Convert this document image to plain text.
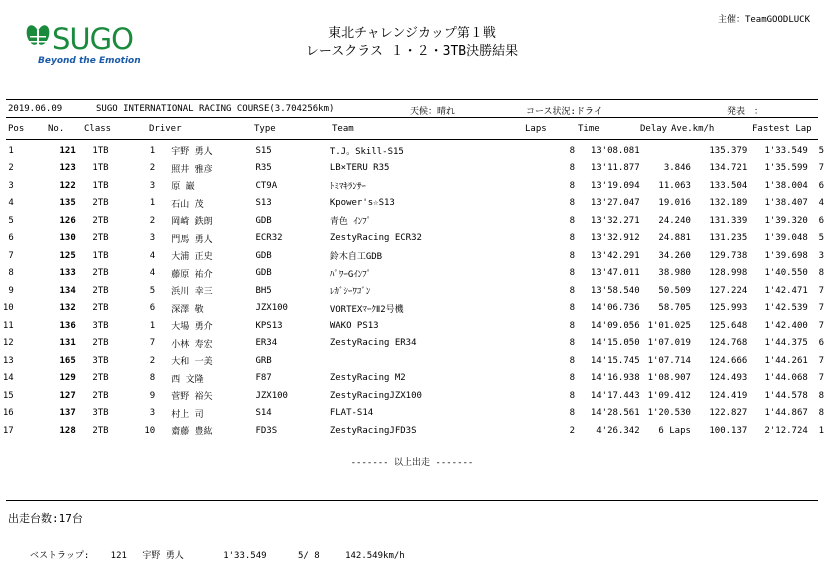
主催：TeamGOODLUCK
SUGO
Beyond the Emotion
東北チャレンジカップ第１戦
レースクラス １・２・3TB決勝結果
2019.06.09	SUGO INTERNATIONAL RACING COURSE(3.704256km)	天候：晴れ	コース状況:ドライ	発表　：
Pos	No. Class	Driver	Type	Team	Laps	Time	Delay Ave.km/h	Fastest Lap
1		121		1TB	1	宇野 勇人	S15	T.J。Skill-S15		8	13'08.081		135.379	1'33.549	5
2		123		1TB	2	照井 雅彦	R35	LB×TERU R35		8	13'11.877	3.846	134.721	1'35.599	7
3		122		1TB	3	原 巌	CT9A	ﾄﾐﾏｷﾗﾝｻｰ		8	13'19.094	11.063	133.504	1'38.004	6
4		135		2TB	1	石山 茂	S13	Kpower's☆S13		8	13'27.047	19.016	132.189	1'38.407	4
5		126		2TB	2	岡崎 鉄朗	GDB	青色 ｲﾝﾌﾟ		8	13'32.271	24.240	131.339	1'39.320	6
6		130		2TB	3	門馬 勇人	ECR32	ZestyRacing ECR32		8	13'32.912	24.881	131.235	1'39.048	5
7		125		1TB	4	大浦 正史	GDB	鈴木自工GDB		8	13'42.291	34.260	129.738	1'39.698	3
8		133		2TB	4	藤原 祐介	GDB	ﾊﾟﾜｰGｲﾝﾌﾟ		8	13'47.011	38.980	128.998	1'40.550	8
9		134		2TB	5	浜川 幸三	BH5	ﾚｶﾞｼｰﾜｺﾞﾝ		8	13'58.540	50.509	127.224	1'42.471	7
10		132		2TB	6	深澤 敬	JZX100	VORTEXﾏｰｸⅡ2号機		8	14'06.736	58.705	125.993	1'42.539	7
11		136		3TB	1	大場 勇介	KPS13	WAKO PS13		8	14'09.056	1'01.025	125.648	1'42.400	7
12		131		2TB	7	小林 寿宏	ER34	ZestyRacing ER34		8	14'15.050	1'07.019	124.768	1'44.375	6
13		165		3TB	2	大和 一美	GRB			8	14'15.745	1'07.714	124.666	1'44.261	7
14		129		2TB	8	西 文隆	F87	ZestyRacing M2		8	14'16.938	1'08.907	124.493	1'44.068	7
15		127		2TB	9	菅野 裕矢	JZX100	ZestyRacingJZX100		8	14'17.443	1'09.412	124.419	1'44.578	8
16		137		3TB	3	村上 司	S14	FLAT-S14		8	14'28.561	1'20.530	122.827	1'44.867	8
17		128		2TB	10	齋藤 豊紘	FD3S	ZestyRacingJFD3S		2	4'26.342	6 Laps	100.137	2'12.724	1
------- 以上出走 -------
出走台数:17台
ベストラップ: 121 宇野 勇人	1'33.549	5/ 8	142.549km/h
